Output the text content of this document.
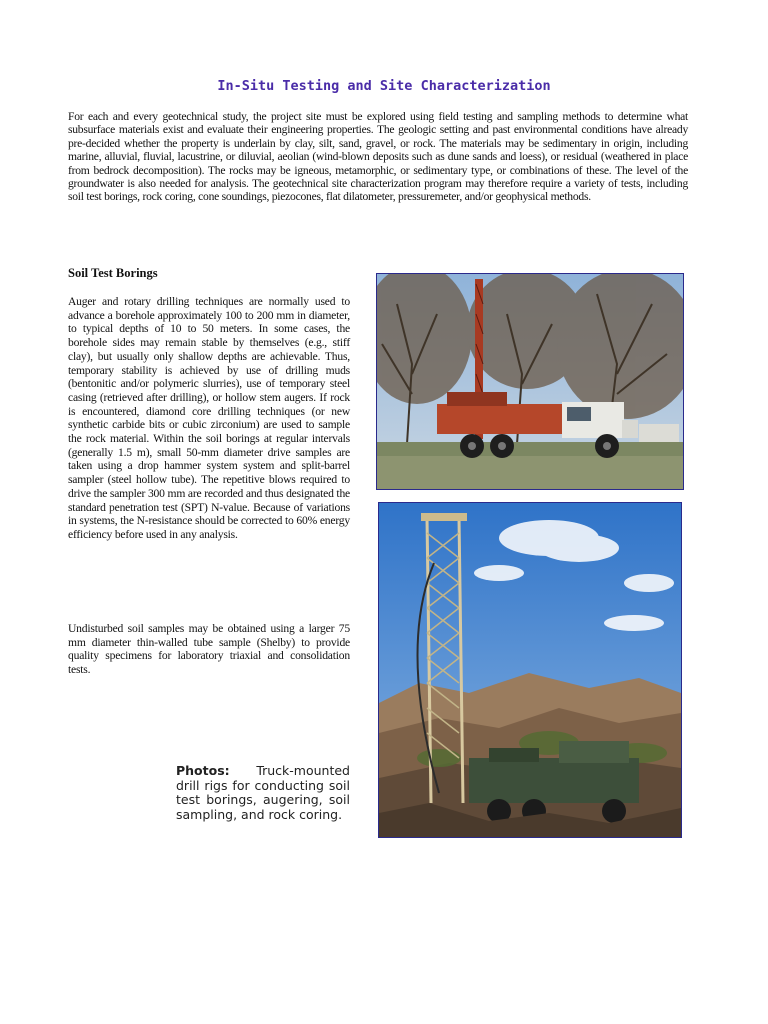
In-Situ Testing and Site Characterization

For each and every geotechnical study, the project site must be explored using field testing and sampling methods to determine what subsurface materials exist and evaluate their engineering properties. The geologic setting and past environmental conditions have already pre-decided whether the property is underlain by clay, silt, sand, gravel, or rock. The materials may be sedimentary in origin, including marine, alluvial, fluvial, lacustrine, or diluvial, aeolian (wind-blown deposits such as dune sands and loess), or residual (weathered in place from bedrock decomposition). The rocks may be igneous, metamorphic, or sedimentary type, or combinations of these. The level of the groundwater is also needed for analysis. The geotechnical site characterization program may therefore require a variety of tests, including soil test borings, rock coring, cone soundings, piezocones, flat dilatometer, pressuremeter, and/or geophysical methods.

Soil Test Borings

Auger and rotary drilling techniques are normally used to advance a borehole approximately 100 to 200 mm in diameter, to typical depths of 10 to 50 meters. In some cases, the borehole sides may remain stable by themselves (e.g., stiff clay), but usually only shallow depths are achievable. Thus, temporary stability is achieved by use of drilling muds (bentonitic and/or polymeric slurries), use of temporary steel casing (retrieved after drilling), or hollow stem augers. If rock is encountered, diamond core drilling techniques (or new synthetic carbide bits or cubic zirconium) are used to sample the rock material. Within the soil borings at regular intervals (generally 1.5 m), small 50-mm diameter drive samples are taken using a drop hammer system system and split-barrel sampler (steel hollow tube). The repetitive blows required to drive the sampler 300 mm are recorded and thus designated the standard penetration test (SPT) N-value. Because of variations in systems, the N-resistance should be corrected to 60% energy efficiency before used in any analysis.

Undisturbed soil samples may be obtained using a larger 75 mm diameter thin-walled tube sample (Shelby) to provide quality specimens for laboratory triaxial and consolidation tests.

Photos: Truck-mounted drill rigs for conducting soil test borings, augering, soil sampling, and rock coring.
